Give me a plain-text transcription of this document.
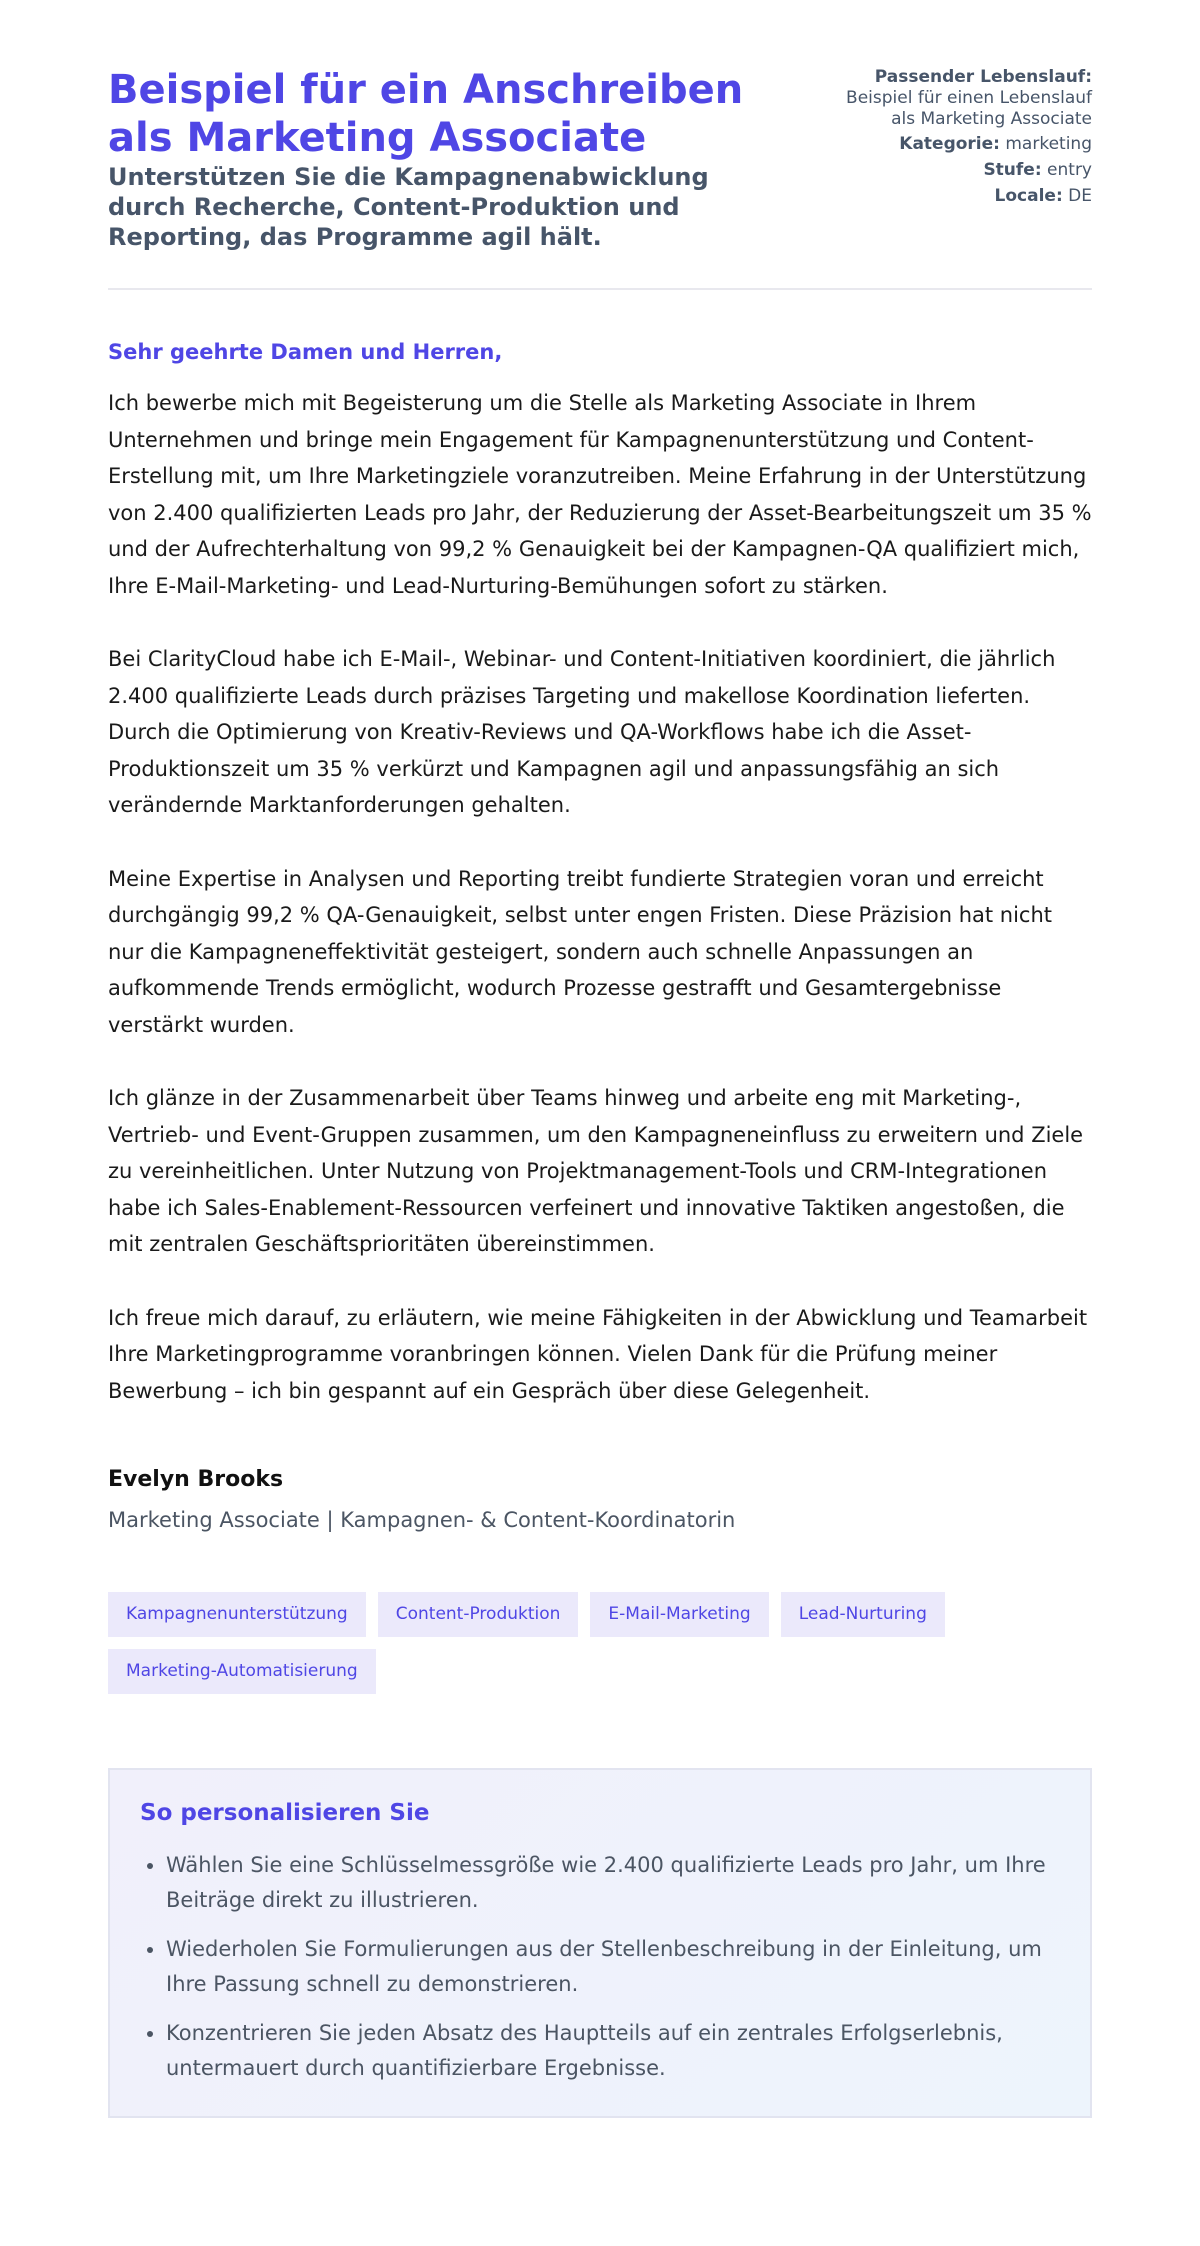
Beispiel für ein Anschreiben als Marketing Associate

Unterstützen Sie die Kampagnenabwicklung durch Recherche, Content-Produktion und Reporting, das Programme agil hält.

Passender Lebenslauf:
Beispiel für einen Lebenslauf als Marketing Associate
Kategorie: marketing
Stufe: entry
Locale: DE
Sehr geehrte Damen und Herren,

Ich bewerbe mich mit Begeisterung um die Stelle als Marketing Associate in Ihrem Unternehmen und bringe mein Engagement für Kampagnenunterstützung und Content-Erstellung mit, um Ihre Marketingziele voranzutreiben. Meine Erfahrung in der Unterstützung von 2.400 qualifizierten Leads pro Jahr, der Reduzierung der Asset-Bearbeitungszeit um 35 % und der Aufrechterhaltung von 99,2 % Genauigkeit bei der Kampagnen-QA qualifiziert mich, Ihre E-Mail-Marketing- und Lead-Nurturing-Bemühungen sofort zu stärken.

Bei ClarityCloud habe ich E-Mail-, Webinar- und Content-Initiativen koordiniert, die jährlich 2.400 qualifizierte Leads durch präzises Targeting und makellose Koordination lieferten. Durch die Optimierung von Kreativ-Reviews und QA-Workflows habe ich die Asset-Produktionszeit um 35 % verkürzt und Kampagnen agil und anpassungsfähig an sich verändernde Marktanforderungen gehalten.

Meine Expertise in Analysen und Reporting treibt fundierte Strategien voran und erreicht durchgängig 99,2 % QA-Genauigkeit, selbst unter engen Fristen. Diese Präzision hat nicht nur die Kampagneneffektivität gesteigert, sondern auch schnelle Anpassungen an aufkommende Trends ermöglicht, wodurch Prozesse gestrafft und Gesamtergebnisse verstärkt wurden.

Ich glänze in der Zusammenarbeit über Teams hinweg und arbeite eng mit Marketing-, Vertrieb- und Event-Gruppen zusammen, um den Kampagneneinfluss zu erweitern und Ziele zu vereinheitlichen. Unter Nutzung von Projektmanagement-Tools und CRM-Integrationen habe ich Sales-Enablement-Ressourcen verfeinert und innovative Taktiken angestoßen, die mit zentralen Geschäftsprioritäten übereinstimmen.

Ich freue mich darauf, zu erläutern, wie meine Fähigkeiten in der Abwicklung und Teamarbeit Ihre Marketingprogramme voranbringen können. Vielen Dank für die Prüfung meiner Bewerbung – ich bin gespannt auf ein Gespräch über diese Gelegenheit.

Evelyn Brooks
Marketing Associate | Kampagnen- & Content-Koordinatorin
Kampagnenunterstützung	Content-Produktion	E-Mail-Marketing	Lead-Nurturing
Marketing-Automatisierung
So personalisieren Sie
• Wählen Sie eine Schlüsselmessgröße wie 2.400 qualifizierte Leads pro Jahr, um Ihre Beiträge direkt zu illustrieren.
• Wiederholen Sie Formulierungen aus der Stellenbeschreibung in der Einleitung, um Ihre Passung schnell zu demonstrieren.
• Konzentrieren Sie jeden Absatz des Hauptteils auf ein zentrales Erfolgserlebnis, untermauert durch quantifizierbare Ergebnisse.
